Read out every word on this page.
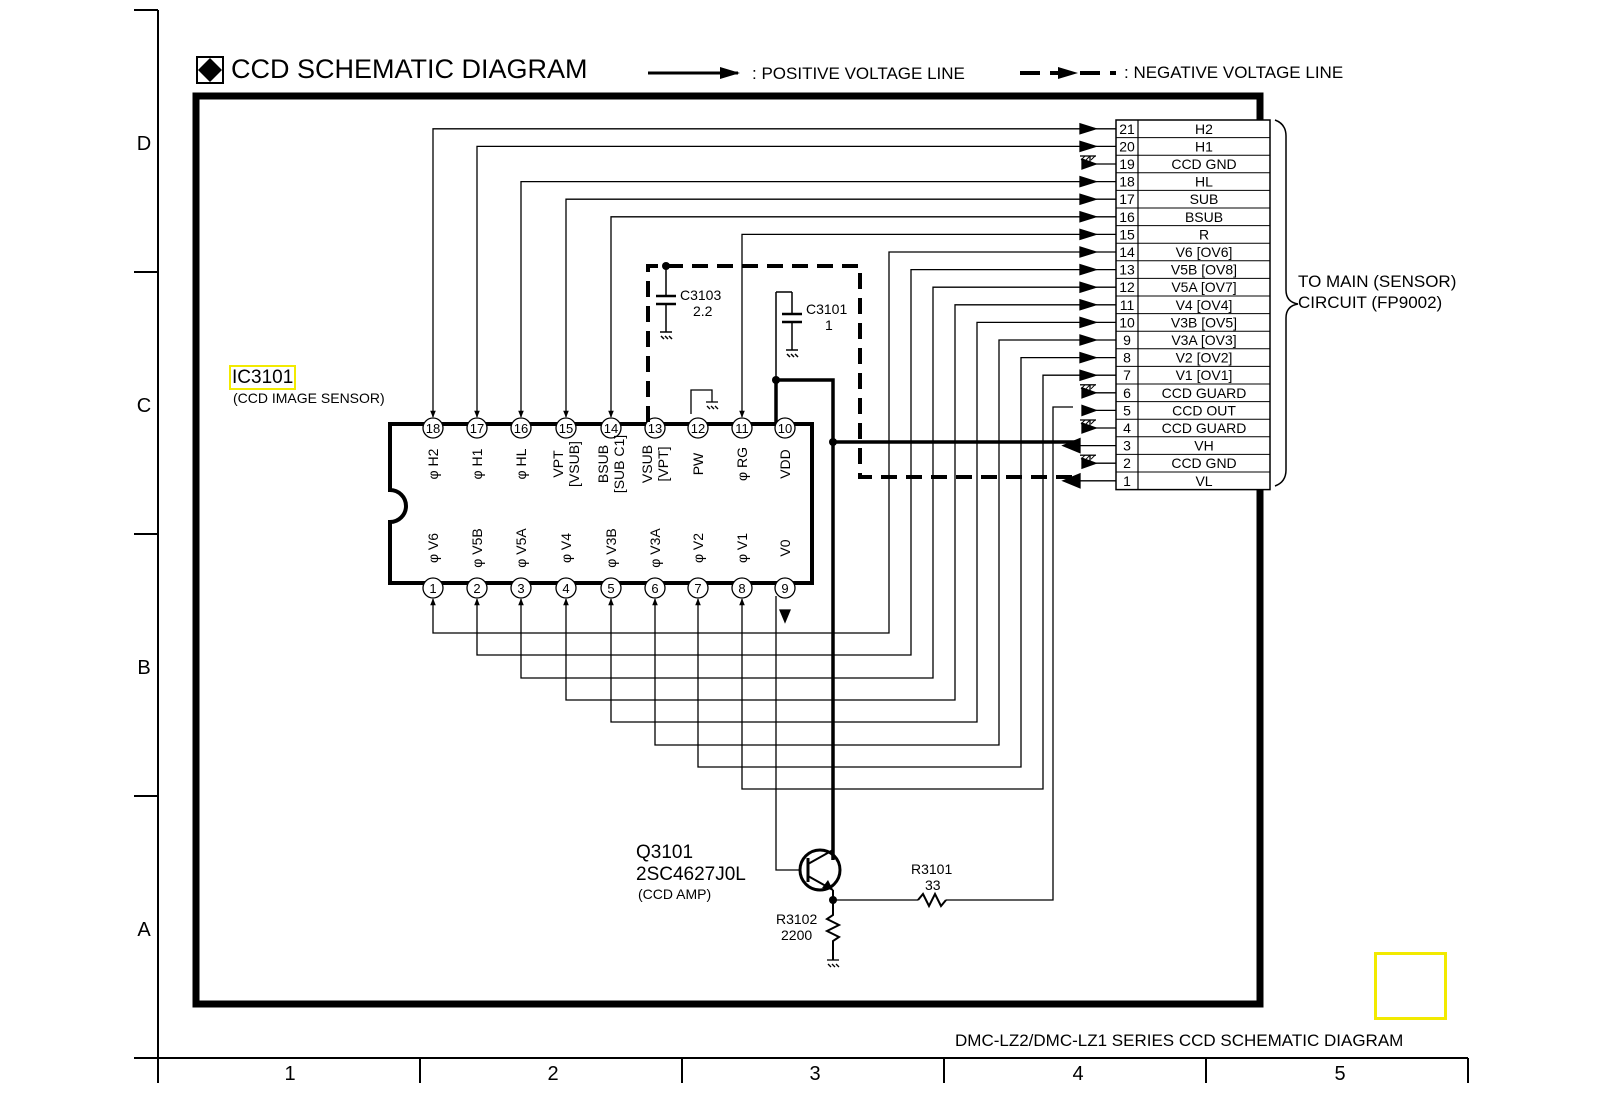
D
C
B
A
1	2	3	4	5
18
φ H2
17
φ H1
16
φ HL
15
VPT [VSUB]
14
BSUB [SUB C1]
13
VSUB [VPT]
12
PW
11
φ RG
10
VDD
1
φ V6
2
φ V5B
3
φ V5A
4
φ V4
5
φ V3B
6
φ V3A
7
φ V2
8
φ V1
9
V0
21	H2
20	H1
19	CCD GND
18	HL
17	SUB
16	BSUB
15	R
14	V6 [OV6]
13	V5B [OV8]
12	V5A [OV7]
11	V4 [OV4]
10	V3B [OV5]
9	V3A [OV3]
8	V2 [OV2]
7	V1 [OV1]
6 CCD GUARD
5	CCD OUT
4 CCD GUARD
3	VH
2	CCD GND
1	VL
C3103
2.2	C3101
1
R3101
33
R3102
2200
CCD SCHEMATIC DIAGRAM	: POSITIVE VOLTAGE LINE	: NEGATIVE VOLTAGE LINE
TO MAIN (SENSOR)
CIRCUIT (FP9002)
IC3101
(CCD IMAGE SENSOR)
Q3101
2SC4627J0L
(CCD AMP)
DMC-LZ2/DMC-LZ1 SERIES CCD SCHEMATIC DIAGRAM
